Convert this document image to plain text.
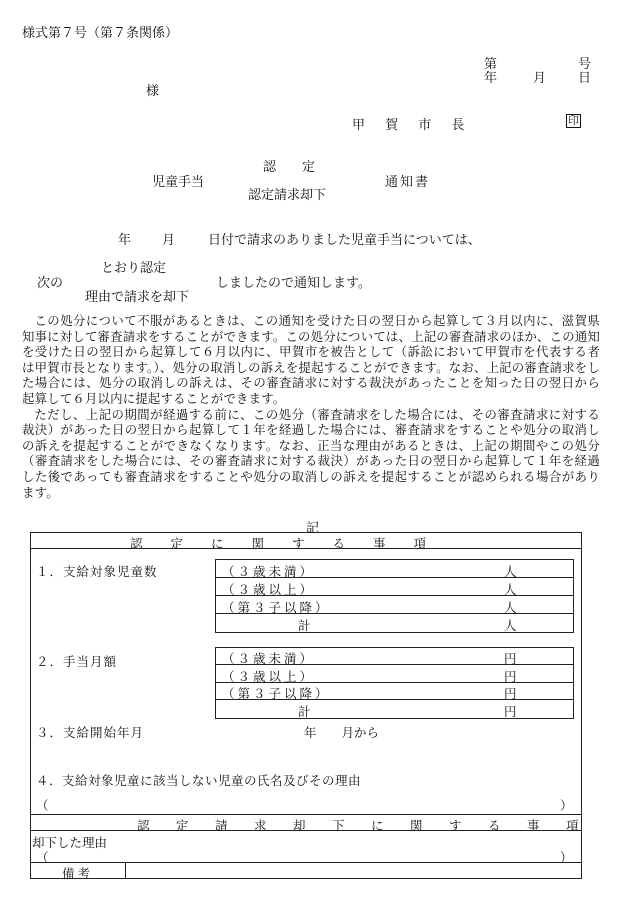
様式第７号（第７条関係）
第	号
年	月 日
様
甲 賀 市 長	印
認　　定
児童手当	通知書
認定請求却下
年 月	日付で請求のありました児童手当については、
とおり認定
次の	しましたので通知します。
理由で請求を却下

この処分について不服があるときは、この通知を受けた日の翌日から起算して３月以内に、滋賀県知事に対して審査請求をすることができます。この処分については、上記の審査請求のほか、この通知を受けた日の翌日から起算して６月以内に、甲賀市を被告として（訴訟において甲賀市を代表する者は甲賀市長となります。）、処分の取消しの訴えを提起することができます。なお、上記の審査請求をした場合には、処分の取消しの訴えは、その審査請求に対する裁決があったことを知った日の翌日から起算して６月以内に提起することができます。

ただし、上記の期間が経過する前に、この処分（審査請求をした場合には、その審査請求に対する裁決）があった日の翌日から起算して１年を経過した場合には、審査請求をすることや処分の取消しの訴えを提起することができなくなります。なお、正当な理由があるときは、上記の期間やこの処分（審査請求をした場合には、その審査請求に対する裁決）があった日の翌日から起算して１年を経過した後であっても審査請求をすることや処分の取消しの訴えを提起することが認められる場合があります。

記
認　　定　　に　　関　　す　　る　　事　　項
１．支給対象児童数	（３歳未満）	人
（３歳以上）	人
（第３子以降）	人
計	人
２．手当月額	（３歳未満）	円
（３歳以上）	円
（第３子以降）	円
計	円
３．支給開始年月	年　　月から
４．支給対象児童に該当しない児童の氏名及びその理由
（	）
認　　定　　請　　求　　却　　下　　に　　関　　す　　る　　事　　項
却下した理由
（	）
備考
